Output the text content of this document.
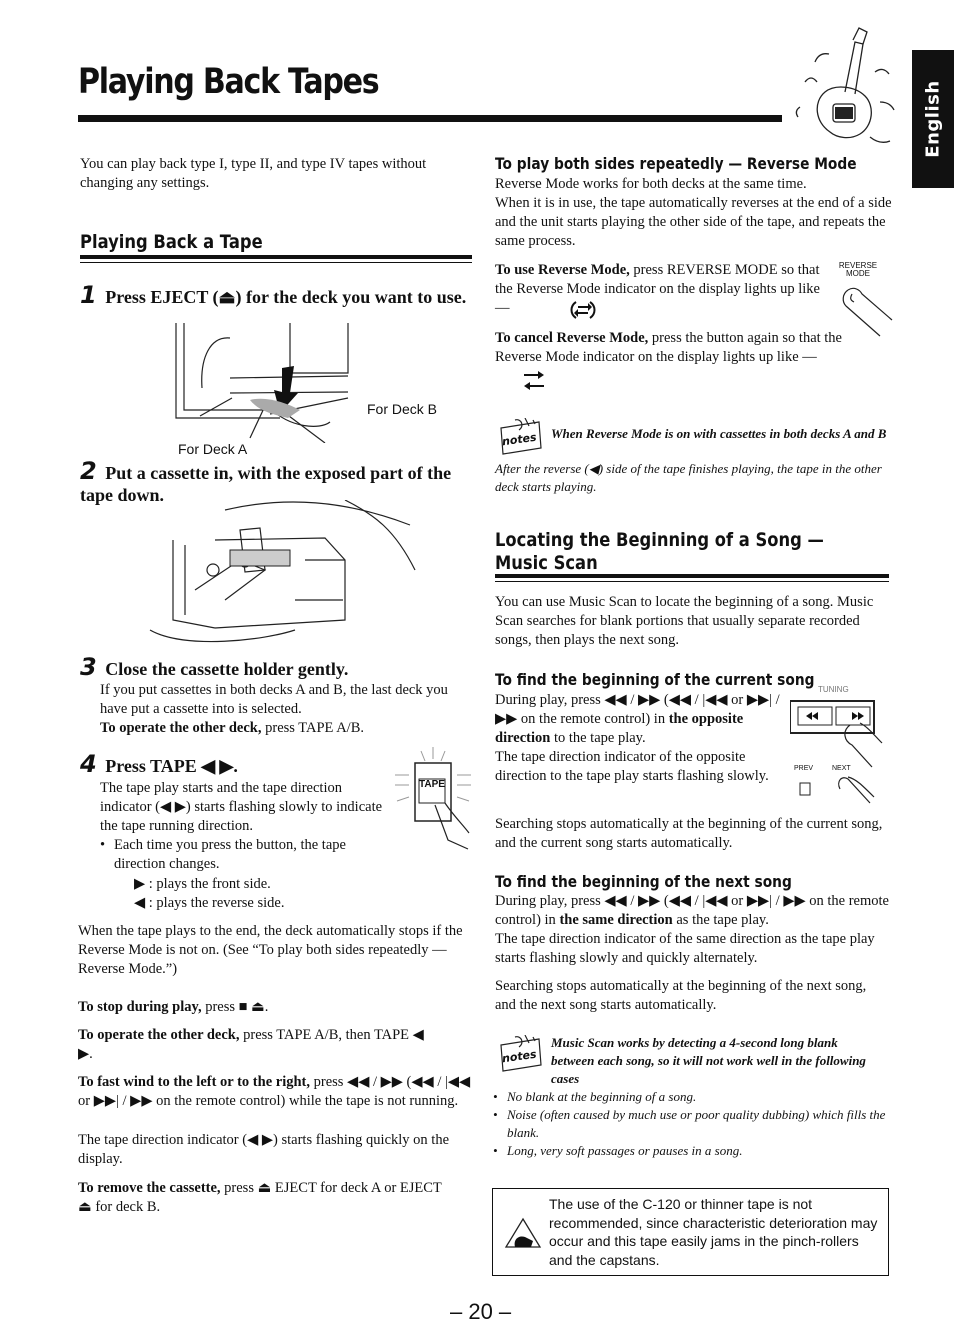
Playing Back Tapes	English

You can play back type I, type II, and type IV tapes without changing any settings.

Playing Back a Tape
1 Press EJECT (⏏) for the deck you want to use.
For Deck B
For Deck A
2 Put a cassette in, with the exposed part of the tape down.
3 Close the cassette holder gently.

If you put cassettes in both decks A and B, the last deck you have put a cassette into is selected.

To operate the other deck, press TAPE A/B.

4 Press TAPE ◀ ▶.
TAPE

The tape play starts and the tape direction indicator (◀ ▶) starts flashing slowly to indicate the tape running direction.

• Each time you press the button, the tape direction changes.

▶ : plays the front side.

◀ : plays the reverse side.

When the tape plays to the end, the deck automatically stops if the Reverse Mode is not on. (See “To play both sides repeatedly — Reverse Mode.”)

To stop during play, press ■ ⏏.

To operate the other deck, press TAPE A/B, then TAPE ◀ ▶.

To fast wind to the left or to the right, press ◀◀ / ▶▶ (◀◀ / |◀◀ or ▶▶| / ▶▶ on the remote control) while the tape is not running.

The tape direction indicator (◀ ▶) starts flashing quickly on the display.

To remove the cassette, press ⏏ EJECT for deck A or EJECT ⏏ for deck B.

To play both sides repeatedly — Reverse Mode

Reverse Mode works for both decks at the same time.

When it is in use, the tape automatically reverses at the end of a side and the unit starts playing the other side of the tape, and repeats the same process.

To use Reverse Mode, press REVERSE MODE so that the Reverse Mode indicator on the display lights up like —

REVERSE MODE

To cancel Reverse Mode, press the button again so that the Reverse Mode indicator on the display lights up like —

notes When Reverse Mode is on with cassettes in both decks A and B

After the reverse (◀) side of the tape finishes playing, the tape in the other deck starts playing.

Locating the Beginning of a Song — Music Scan

You can use Music Scan to locate the beginning of a song. Music Scan searches for blank portions that usually separate recorded songs, then plays the next song.

To find the beginning of the current song

During play, press ◀◀ / ▶▶ (◀◀ / |◀◀ or ▶▶| / ▶▶ on the remote control) in the opposite direction to the tape play.

The tape direction indicator of the opposite direction to the tape play starts flashing slowly.

Searching stops automatically at the beginning of the current song, and the current song starts automatically.

TUNING
PREV	NEXT
To find the beginning of the next song

During play, press ◀◀ / ▶▶ (◀◀ / |◀◀ or ▶▶| / ▶▶ on the remote control) in the same direction as the tape play.

The tape direction indicator of the same direction as the tape play starts flashing slowly and quickly alternately.

Searching stops automatically at the beginning of the next song, and the next song starts automatically.

notes

Music Scan works by detecting a 4-second long blank between each song, so it will not work well in the following cases

• No blank at the beginning of a song.
• Noise (often caused by much use or poor quality dubbing) which fills the blank.
• Long, very soft passages or pauses in a song.
The use of the C-120 or thinner tape is not recommended, since characteristic deterioration may occur and this tape easily jams in the pinch-rollers and the capstans.
– 20 –
